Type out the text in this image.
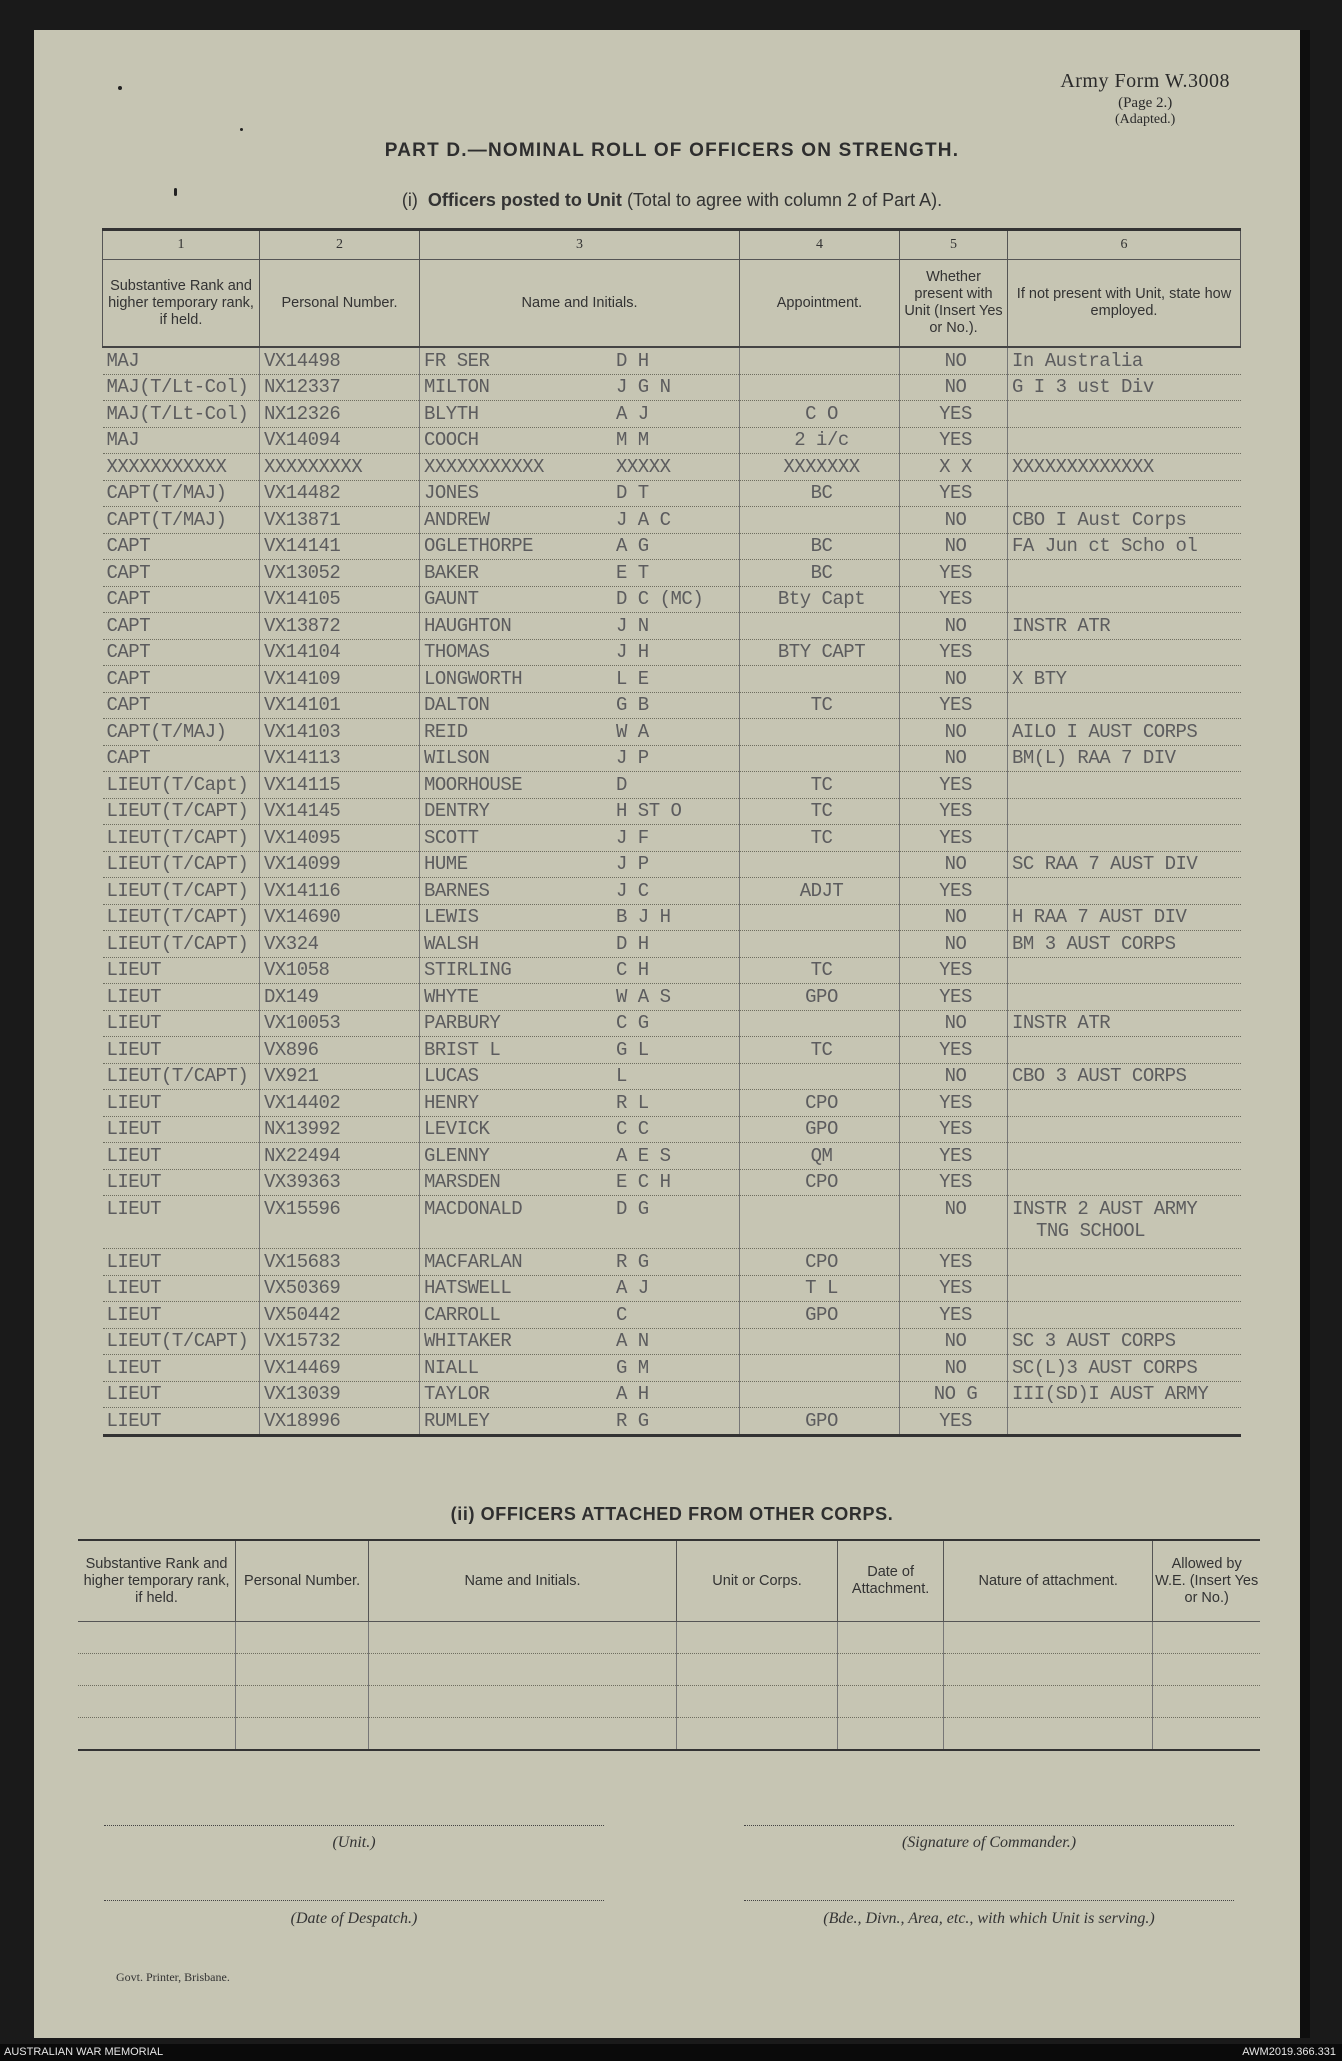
Army Form W.3008
(Page 2.)
(Adapted.)
PART D.—NOMINAL ROLL OF OFFICERS ON STRENGTH.
(i) Officers posted to Unit (Total to agree with column 2 of Part A).
1	2	3	4	5	6
Substantive Rank and higher temporary rank, if held.	Personal Number.	Name and Initials.	Appointment.	Whether present with Unit (Insert Yes or No.).	If not present with Unit, state how employed.
MAJ	VX14498	FR SER D H		NO	In Australia

MAJ(T/Lt-Col)	NX12337	MILTON J G N		NO	G I 3 ust Div

MAJ(T/Lt-Col)	NX12326	BLYTH A J	C O	YES	

MAJ	VX14094	COOCH M M	2 i/c	YES	

XXXXXXXXXXX	XXXXXXXXX	XXXXXXXXXXX XXXXX	XXXXXXX	X X	XXXXXXXXXXXXX

CAPT(T/MAJ)	VX14482	JONES D T	BC	YES	

CAPT(T/MAJ)	VX13871	ANDREW J A C		NO	CBO I Aust Corps

CAPT	VX14141	OGLETHORPE A G	BC	NO	FA Jun ct Scho ol

CAPT	VX13052	BAKER E T	BC	YES	

CAPT	VX14105	GAUNT D C (MC)	Bty Capt	YES	

CAPT	VX13872	HAUGHTON J N		NO	INSTR ATR

CAPT	VX14104	THOMAS J H	BTY CAPT	YES	

CAPT	VX14109	LONGWORTH L E		NO	X BTY

CAPT	VX14101	DALTON G B	TC	YES	

CAPT(T/MAJ)	VX14103	REID W A		NO	AILO I AUST CORPS

CAPT	VX14113	WILSON J P		NO	BM(L) RAA 7 DIV

LIEUT(T/Capt)	VX14115	MOORHOUSE D	TC	YES	

LIEUT(T/CAPT)	VX14145	DENTRY H ST O	TC	YES	

LIEUT(T/CAPT)	VX14095	SCOTT J F	TC	YES	

LIEUT(T/CAPT)	VX14099	HUME J P		NO	SC RAA 7 AUST DIV

LIEUT(T/CAPT)	VX14116	BARNES J C	ADJT	YES	

LIEUT(T/CAPT)	VX14690	LEWIS B J H		NO	H RAA 7 AUST DIV

LIEUT(T/CAPT)	VX324	WALSH D H		NO	BM 3 AUST CORPS

LIEUT	VX1058	STIRLING C H	TC	YES	

LIEUT	DX149	WHYTE W A S	GPO	YES	

LIEUT	VX10053	PARBURY C G		NO	INSTR ATR

LIEUT	VX896	BRIST L G L	TC	YES	

LIEUT(T/CAPT)	VX921	LUCAS L		NO	CBO 3 AUST CORPS

LIEUT	VX14402	HENRY R L	CPO	YES	

LIEUT	NX13992	LEVICK C C	GPO	YES	

LIEUT	NX22494	GLENNY A E S	QM	YES	

LIEUT	VX39363	MARSDEN E C H	CPO	YES	

LIEUT	VX15596	MACDONALD D G		NO	INSTR 2 AUST ARMY
TNG SCHOOL

LIEUT	VX15683	MACFARLAN R G	CPO	YES	

LIEUT	VX50369	HATSWELL A J	T L	YES	

LIEUT	VX50442	CARROLL C	GPO	YES	

LIEUT(T/CAPT)	VX15732	WHITAKER A N		NO	SC 3 AUST CORPS

LIEUT	VX14469	NIALL G M		NO	SC(L)3 AUST CORPS

LIEUT	VX13039	TAYLOR A H		NO G	III(SD)I AUST ARMY

LIEUT	VX18996	RUMLEY R G	GPO	YES	
(ii) OFFICERS ATTACHED FROM OTHER CORPS.
Substantive Rank and higher temporary rank, if held.	Personal Number.	Name and Initials.	Unit or Corps.	Date of Attachment.	Nature of attachment.	Allowed by W.E. (Insert Yes or No.)

(Unit.)	(Signature of Commander.)
(Date of Despatch.)	(Bde., Divn., Area, etc., with which Unit is serving.)
Govt. Printer, Brisbane.
AUSTRALIAN WAR MEMORIAL	AWM2019.366.331
